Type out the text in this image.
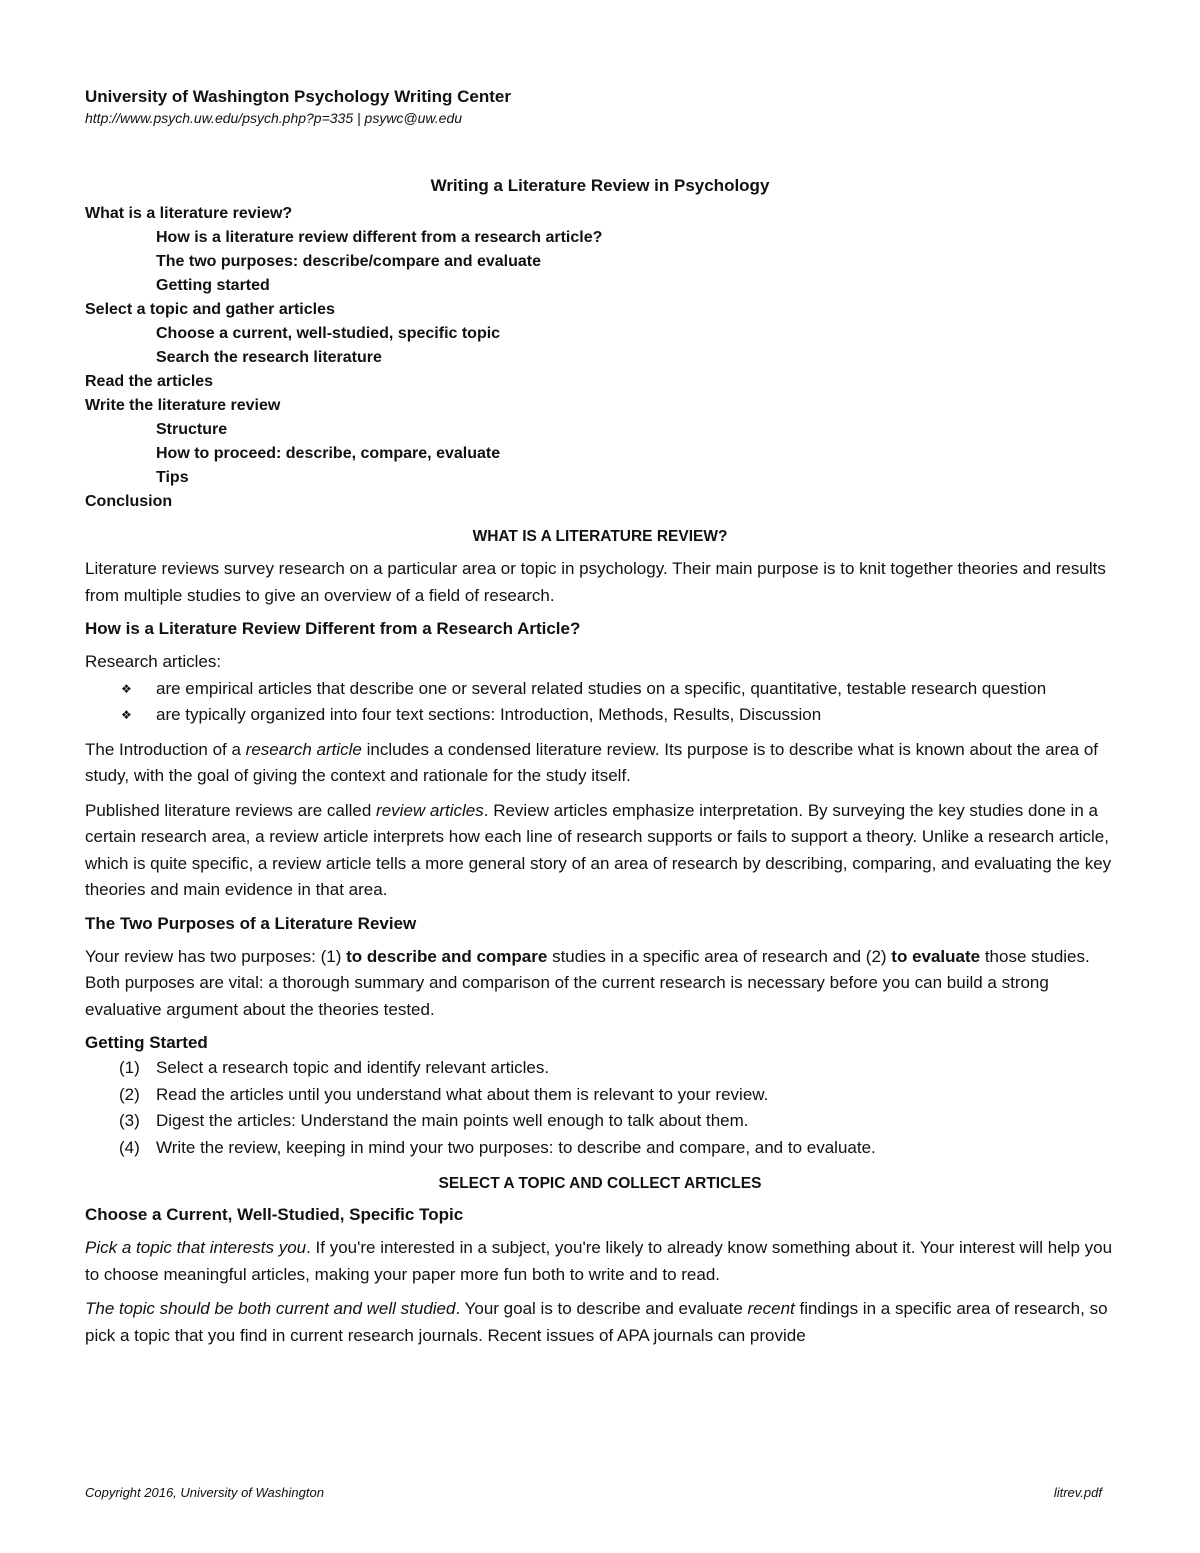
University of Washington Psychology Writing Center

http://www.psych.uw.edu/psych.php?p=335 | psywc@uw.edu

Writing a Literature Review in Psychology
What is a literature review?
How is a literature review different from a research article?
The two purposes: describe/compare and evaluate
Getting started
Select a topic and gather articles
Choose a current, well-studied, specific topic
Search the research literature
Read the articles
Write the literature review
Structure
How to proceed: describe, compare, evaluate
Tips
Conclusion
WHAT IS A LITERATURE REVIEW?

Literature reviews survey research on a particular area or topic in psychology. Their main purpose is to knit together theories and results from multiple studies to give an overview of a field of research.

How is a Literature Review Different from a Research Article?

Research articles:

❖ are empirical articles that describe one or several related studies on a specific, quantitative, testable research question
❖ are typically organized into four text sections: Introduction, Methods, Results, Discussion

The Introduction of a research article includes a condensed literature review. Its purpose is to describe what is known about the area of study, with the goal of giving the context and rationale for the study itself.

Published literature reviews are called review articles. Review articles emphasize interpretation. By surveying the key studies done in a certain research area, a review article interprets how each line of research supports or fails to support a theory. Unlike a research article, which is quite specific, a review article tells a more general story of an area of research by describing, comparing, and evaluating the key theories and main evidence in that area.

The Two Purposes of a Literature Review

Your review has two purposes: (1) to describe and compare studies in a specific area of research and (2) to evaluate those studies. Both purposes are vital: a thorough summary and comparison of the current research is necessary before you can build a strong evaluative argument about the theories tested.

Getting Started
(1) Select a research topic and identify relevant articles.
(2) Read the articles until you understand what about them is relevant to your review.
(3) Digest the articles: Understand the main points well enough to talk about them.
(4) Write the review, keeping in mind your two purposes: to describe and compare, and to evaluate.
SELECT A TOPIC AND COLLECT ARTICLES
Choose a Current, Well-Studied, Specific Topic

Pick a topic that interests you. If you're interested in a subject, you're likely to already know something about it. Your interest will help you to choose meaningful articles, making your paper more fun both to write and to read.

The topic should be both current and well studied. Your goal is to describe and evaluate recent findings in a specific area of research, so pick a topic that you find in current research journals. Recent issues of APA journals can provide

Copyright 2016, University of Washington	litrev.pdf
